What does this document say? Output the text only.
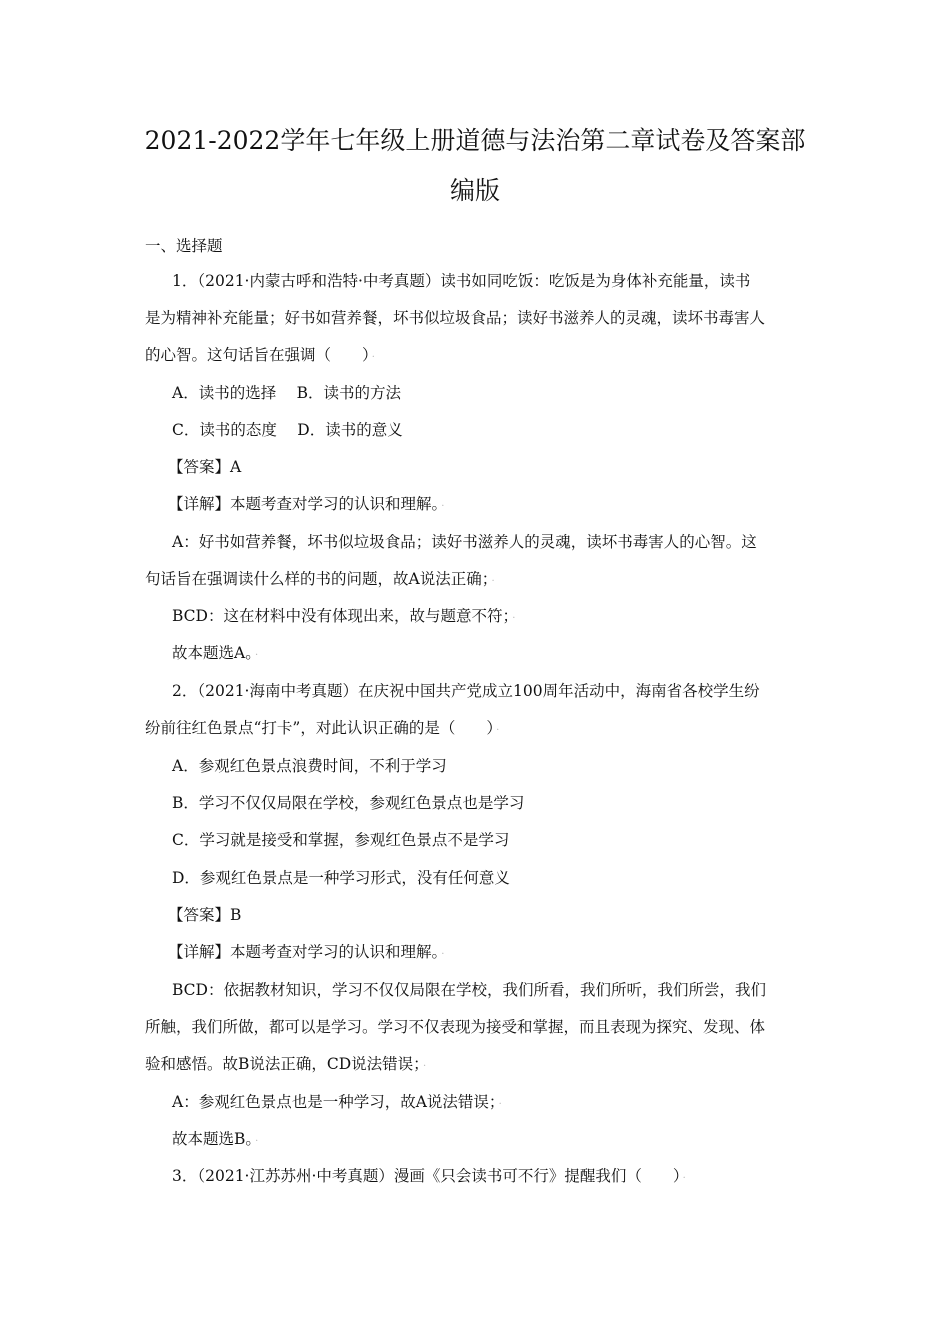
2021-2022学年七年级上册道德与法治第二章试卷及答案部
编版
一、选择题
1．（2021·内蒙古呼和浩特·中考真题）读书如同吃饭：吃饭是为身体补充能量，读书
是为精神补充能量；好书如营养餐，坏书似垃圾食品；读好书滋养人的灵魂，读坏书毒害人
的心智。这句话旨在强调（　　） ·
A．读书的选择　 B．读书的方法
C．读书的态度　 D．读书的意义
【答案】A
【详解】本题考查对学习的认识和理解。 ·
A：好书如营养餐，坏书似垃圾食品；读好书滋养人的灵魂，读坏书毒害人的心智。这
句话旨在强调读什么样的书的问题，故A说法正确； ·
BCD：这在材料中没有体现出来，故与题意不符； ·
故本题选A。 ·
2．（2021·海南中考真题）在庆祝中国共产党成立100周年活动中，海南省各校学生纷
纷前往红色景点“打卡”，对此认识正确的是（　　） ·
A．参观红色景点浪费时间，不利于学习
B．学习不仅仅局限在学校，参观红色景点也是学习
C．学习就是接受和掌握，参观红色景点不是学习
D．参观红色景点是一种学习形式，没有任何意义
【答案】B
【详解】本题考查对学习的认识和理解。 ·
BCD：依据教材知识，学习不仅仅局限在学校，我们所看，我们所听，我们所尝，我们
所触，我们所做，都可以是学习。学习不仅表现为接受和掌握，而且表现为探究、发现、体
验和感悟。故B说法正确，CD说法错误； ·
A：参观红色景点也是一种学习，故A说法错误； ·
故本题选B。 ·
3．（2021·江苏苏州·中考真题）漫画《只会读书可不行》提醒我们（　　） ·
